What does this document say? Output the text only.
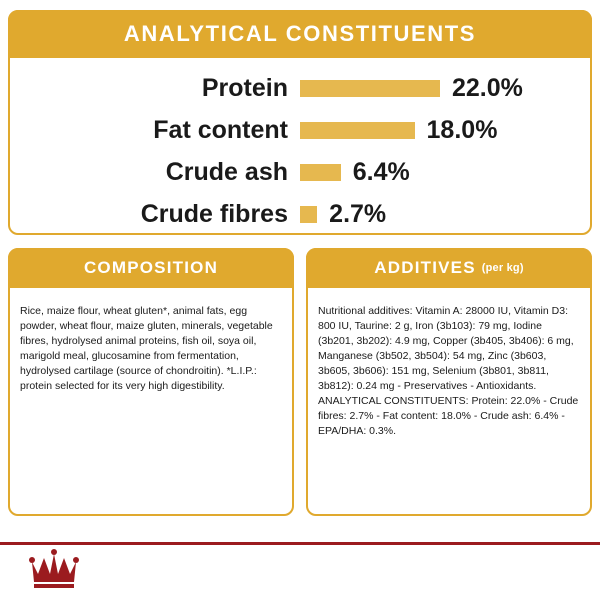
ANALYTICAL CONSTITUENTS
Protein	22.0%
Fat content	18.0%
Crude ash	6.4%
Crude fibres	2.7%
COMPOSITION

Rice, maize flour, wheat gluten*, animal fats, egg powder, wheat flour, maize gluten, minerals, vegetable fibres, hydrolysed animal proteins, fish oil, soya oil, marigold meal, glucosamine from fermentation, hydrolysed cartilage (source of chondroitin). *L.I.P.: protein selected for its very high digestibility.

ADDITIVES (per kg)

Nutritional additives: Vitamin A: 28000 IU, Vitamin D3: 800 IU, Taurine: 2 g, Iron (3b103): 79 mg, Iodine (3b201, 3b202): 4.9 mg, Copper (3b405, 3b406): 6 mg, Manganese (3b502, 3b504): 54 mg, Zinc (3b603, 3b605, 3b606): 151 mg, Selenium (3b801, 3b811, 3b812): 0.24 mg - Preservatives - Antioxidants. ANALYTICAL CONSTITUENTS: Protein: 22.0% - Crude fibres: 2.7% - Fat content: 18.0% - Crude ash: 6.4% - EPA/DHA: 0.3%.
